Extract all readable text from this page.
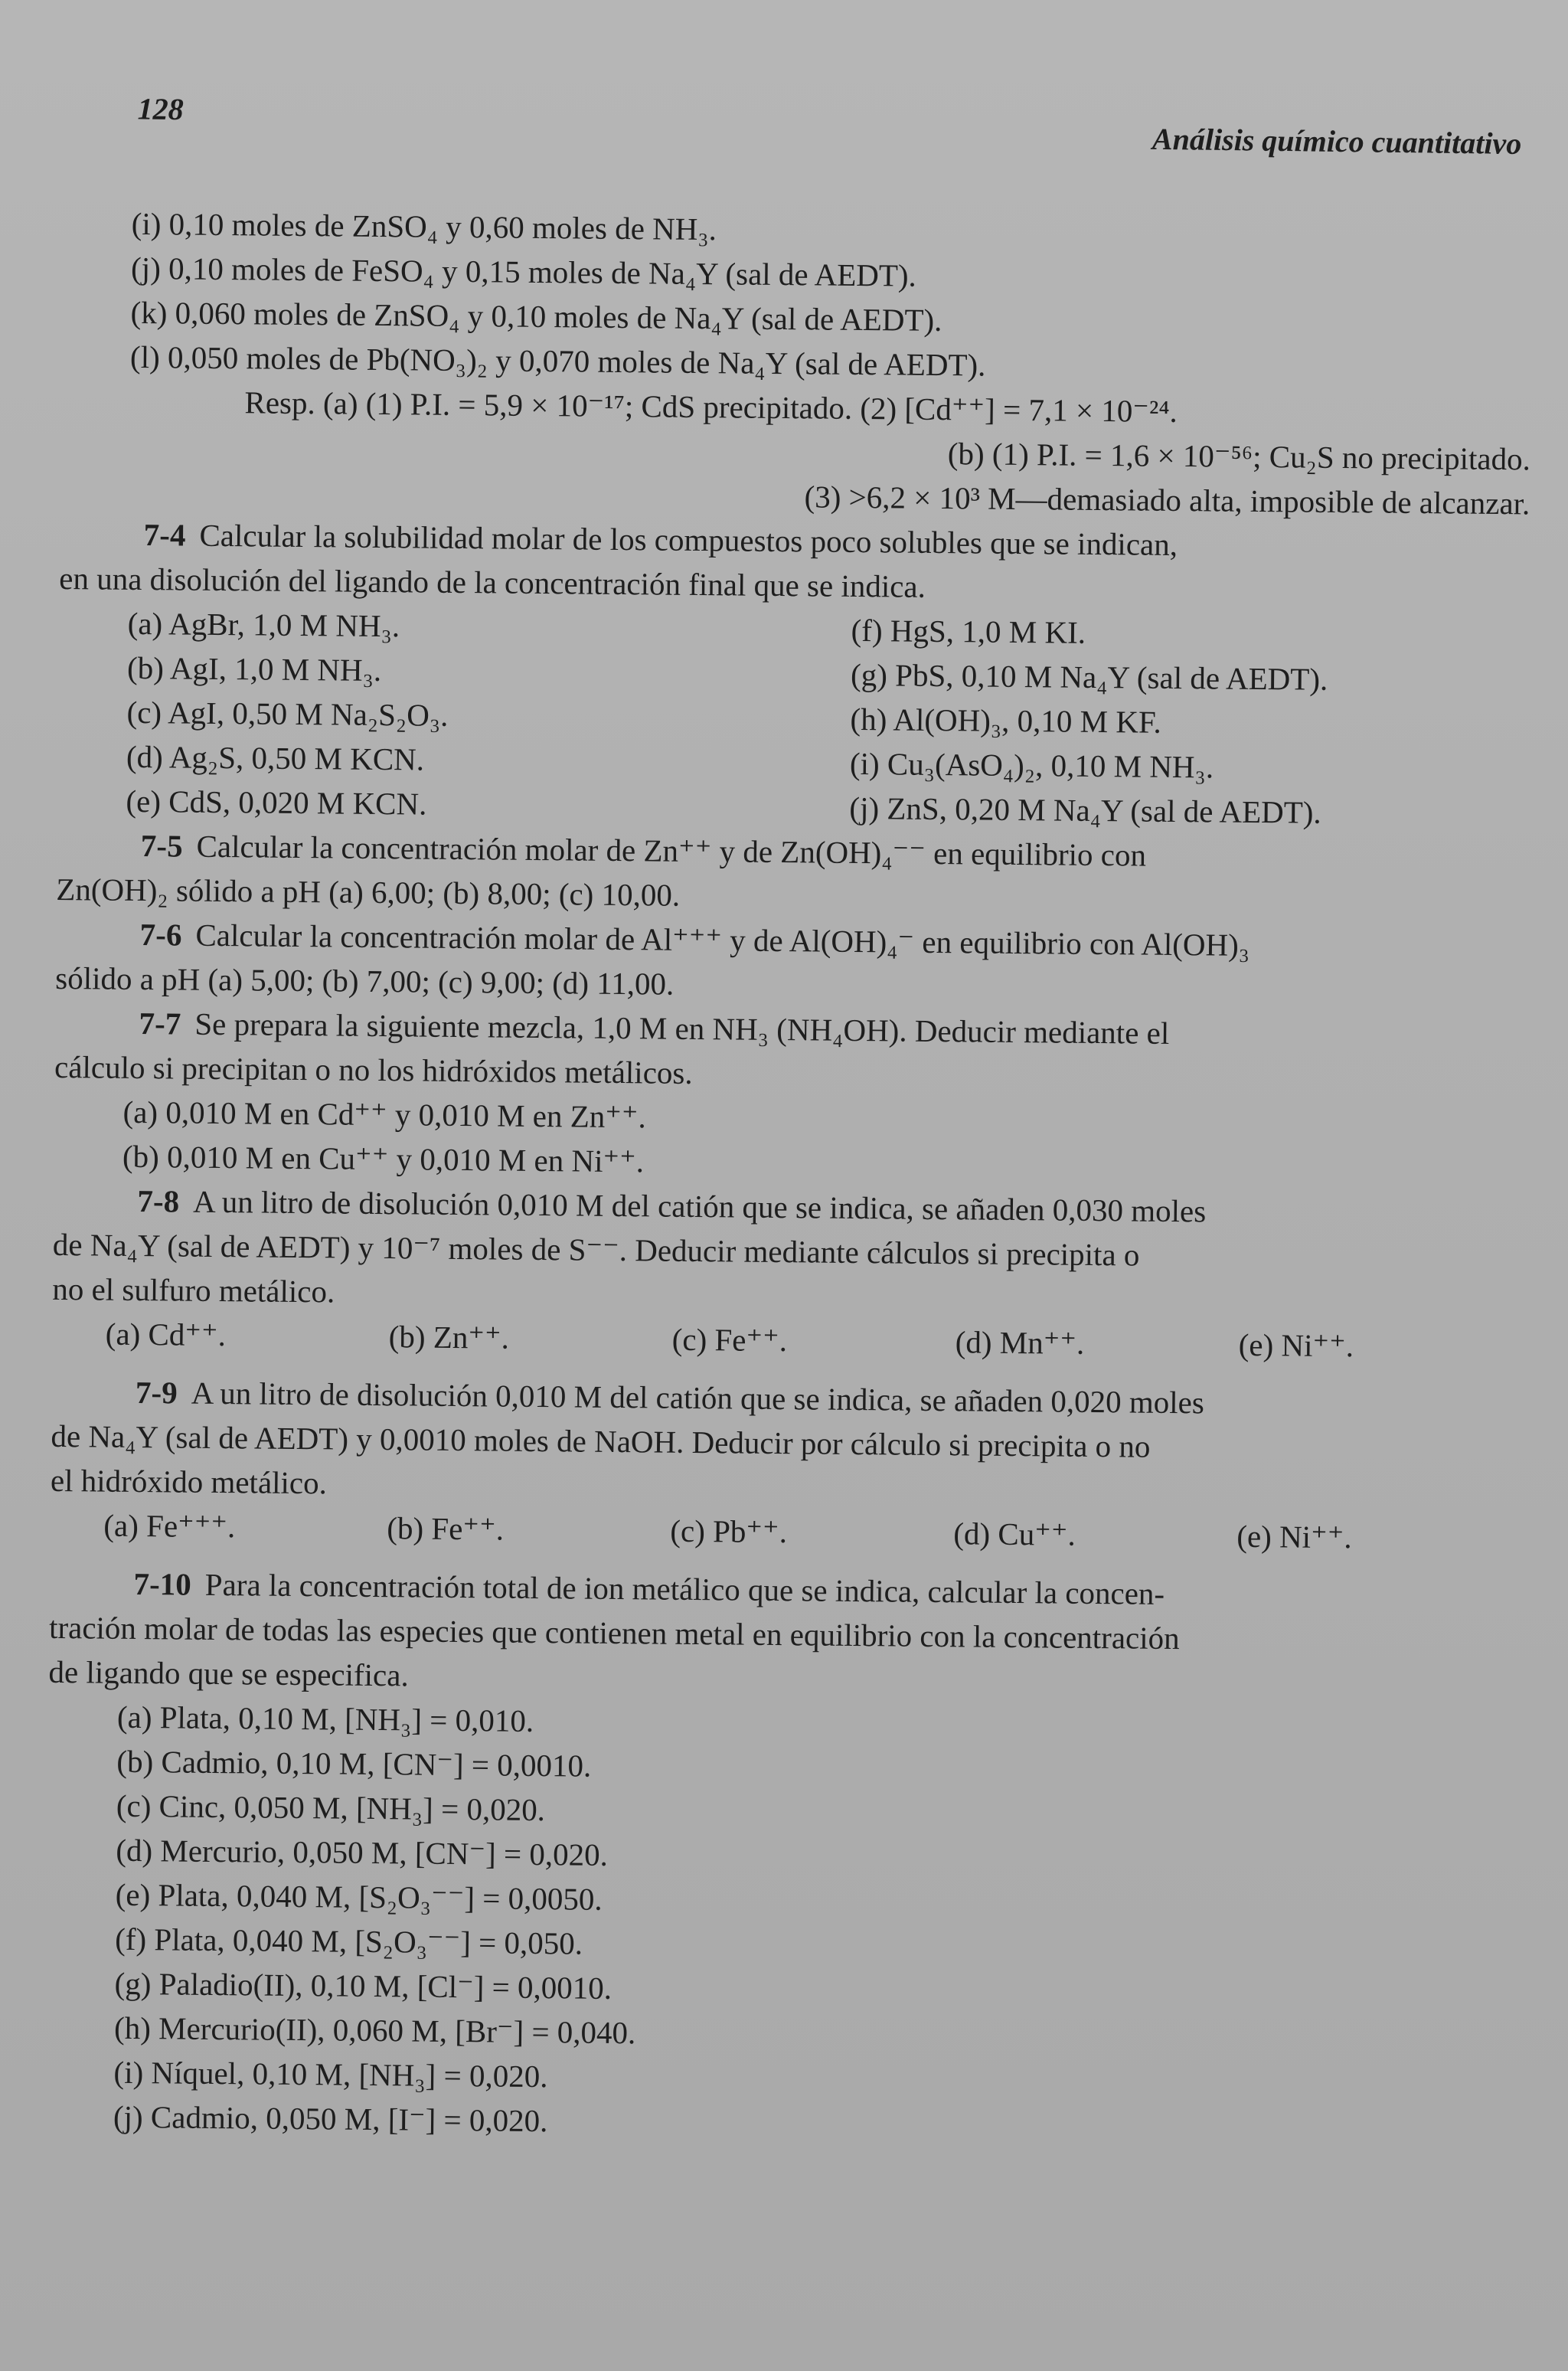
128
Análisis químico cuantitativo

(i) 0,10 moles de ZnSO₄ y 0,60 moles de NH₃.

(j) 0,10 moles de FeSO₄ y 0,15 moles de Na₄Y (sal de AEDT).

(k) 0,060 moles de ZnSO₄ y 0,10 moles de Na₄Y (sal de AEDT).

(l) 0,050 moles de Pb(NO₃)₂ y 0,070 moles de Na₄Y (sal de AEDT).

Resp. (a) (1) P.I. = 5,9 × 10⁻¹⁷; CdS precipitado. (2) [Cd⁺⁺] = 7,1 × 10⁻²⁴.

(b) (1) P.I. = 1,6 × 10⁻⁵⁶; Cu₂S no precipitado.

(3) >6,2 × 10³ M—demasiado alta, imposible de alcanzar.

7-4 Calcular la solubilidad molar de los compuestos poco solubles que se indican,

en una disolución del ligando de la concentración final que se indica.

(a) AgBr, 1,0 M NH₃.

(b) AgI, 1,0 M NH₃.

(c) AgI, 0,50 M Na₂S₂O₃.

(d) Ag₂S, 0,50 M KCN.

(e) CdS, 0,020 M KCN.

(f) HgS, 1,0 M KI.

(g) PbS, 0,10 M Na₄Y (sal de AEDT).

(h) Al(OH)₃, 0,10 M KF.

(i) Cu₃(AsO₄)₂, 0,10 M NH₃.

(j) ZnS, 0,20 M Na₄Y (sal de AEDT).

7-5 Calcular la concentración molar de Zn⁺⁺ y de Zn(OH)₄⁻⁻ en equilibrio con

Zn(OH)₂ sólido a pH (a) 6,00; (b) 8,00; (c) 10,00.

7-6 Calcular la concentración molar de Al⁺⁺⁺ y de Al(OH)₄⁻ en equilibrio con Al(OH)₃

sólido a pH (a) 5,00; (b) 7,00; (c) 9,00; (d) 11,00.

7-7 Se prepara la siguiente mezcla, 1,0 M en NH₃ (NH₄OH). Deducir mediante el

cálculo si precipitan o no los hidróxidos metálicos.

(a) 0,010 M en Cd⁺⁺ y 0,010 M en Zn⁺⁺.

(b) 0,010 M en Cu⁺⁺ y 0,010 M en Ni⁺⁺.

7-8 A un litro de disolución 0,010 M del catión que se indica, se añaden 0,030 moles

de Na₄Y (sal de AEDT) y 10⁻⁷ moles de S⁻⁻. Deducir mediante cálculos si precipita o

no el sulfuro metálico.

(a) Cd⁺⁺.	(b) Zn⁺⁺.	(c) Fe⁺⁺.	(d) Mn⁺⁺.	(e) Ni⁺⁺.

7-9 A un litro de disolución 0,010 M del catión que se indica, se añaden 0,020 moles

de Na₄Y (sal de AEDT) y 0,0010 moles de NaOH. Deducir por cálculo si precipita o no

el hidróxido metálico.

(a) Fe⁺⁺⁺.	(b) Fe⁺⁺.	(c) Pb⁺⁺.	(d) Cu⁺⁺.	(e) Ni⁺⁺.

7-10 Para la concentración total de ion metálico que se indica, calcular la concen-

tración molar de todas las especies que contienen metal en equilibrio con la concentración

de ligando que se especifica.

(a) Plata, 0,10 M, [NH₃] = 0,010.

(b) Cadmio, 0,10 M, [CN⁻] = 0,0010.

(c) Cinc, 0,050 M, [NH₃] = 0,020.

(d) Mercurio, 0,050 M, [CN⁻] = 0,020.

(e) Plata, 0,040 M, [S₂O₃⁻⁻] = 0,0050.

(f) Plata, 0,040 M, [S₂O₃⁻⁻] = 0,050.

(g) Paladio(II), 0,10 M, [Cl⁻] = 0,0010.

(h) Mercurio(II), 0,060 M, [Br⁻] = 0,040.

(i) Níquel, 0,10 M, [NH₃] = 0,020.

(j) Cadmio, 0,050 M, [I⁻] = 0,020.
